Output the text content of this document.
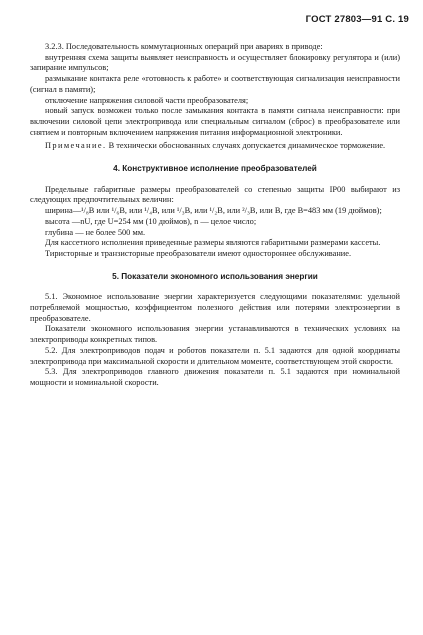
ГОСТ 27803—91 С. 19

3.2.3. Последовательность коммутационных операций при авариях в приводе:

внутренняя схема защиты выявляет неисправность и осуществляет блокировку регулятора и (или) запирание импульсов;

размыкание контакта реле «готовность к работе» и соответствующая сигнализация неисправности (сигнал в памяти);

отключение напряжения силовой части преобразователя;

новый запуск возможен только после замыкания контакта в памяти сигнала неисправности: при включении силовой цепи электропривода или специальным сигналом (сброс) в преобразователе или снятием и повторным включением напряжения питания информационной электроники.

Примечание. В технически обоснованных случаях допускается динамическое торможение.

4. Конструктивное исполнение преобразователей

Предельные габаритные размеры преобразователей со степенью защиты IP00 выбирают из следующих предпочтительных величин:

ширина—¹/₈B или ¹/₆B, или ¹/₄B, или ¹/₃B, или ¹/₂B, или ²/₃B, или B, где B=483 мм (19 дюймов);

высота —nU, где U=254 мм (10 дюймов), n — целое число;

глубина — не более 500 мм.

Для кассетного исполнения приведенные размеры являются габаритными размерами кассеты.

Тиристорные и транзисторные преобразователи имеют одностороннее обслуживание.

5. Показатели экономного использования энергии

5.1. Экономное использование энергии характеризуется следующими показателями: удельной потребляемой мощностью, коэффициентом полезного действия или потерями электроэнергии в преобразователе.

Показатели экономного использования энергии устанавливаются в технических условиях на электроприводы конкретных типов.

5.2. Для электроприводов подач и роботов показатели п. 5.1 задаются для одной координаты электропривода при максимальной скорости и длительном моменте, соответствующем этой скорости.

5.3. Для электроприводов главного движения показатели п. 5.1 задаются при номинальной мощности и номинальной скорости.
